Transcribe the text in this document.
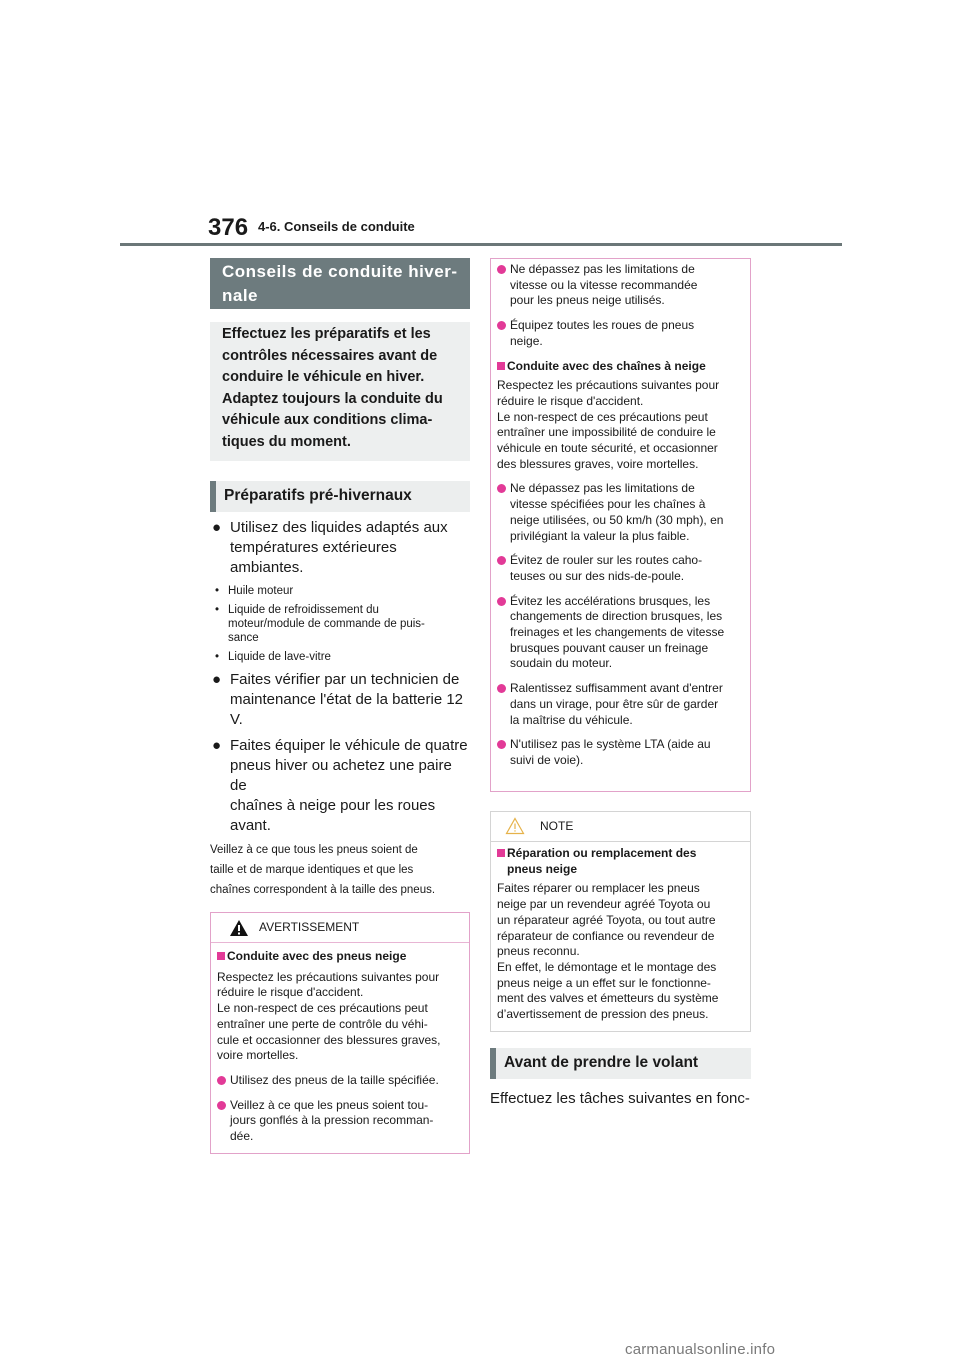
376 4-6. Conseils de conduite
Conseils de conduite hiver-
nale
Effectuez les préparatifs et les
contrôles nécessaires avant de
conduire le véhicule en hiver.
Adaptez toujours la conduite du
véhicule aux conditions clima-
tiques du moment.
Préparatifs pré-hivernaux
● Utilisez des liquides adaptés aux
températures extérieures ambiantes.
• Huile moteur
• Liquide de refroidissement du
moteur/module de commande de puis-
sance
• Liquide de lave-vitre
● Faites vérifier par un technicien de
maintenance l'état de la batterie 12
V.
● Faites équiper le véhicule de quatre
pneus hiver ou achetez une paire de
chaînes à neige pour les roues
avant.
Veillez à ce que tous les pneus soient de
taille et de marque identiques et que les
chaînes correspondent à la taille des pneus.
AVERTISSEMENT
Conduite avec des pneus neige
Respectez les précautions suivantes pour
réduire le risque d'accident.
Le non-respect de ces précautions peut
entraîner une perte de contrôle du véhi-
cule et occasionner des blessures graves,
voire mortelles.
Utilisez des pneus de la taille spécifiée.
Veillez à ce que les pneus soient tou-
jours gonflés à la pression recomman-
dée.
Ne dépassez pas les limitations de
vitesse ou la vitesse recommandée
pour les pneus neige utilisés.
Équipez toutes les roues de pneus
neige.
Conduite avec des chaînes à neige
Respectez les précautions suivantes pour
réduire le risque d'accident.
Le non-respect de ces précautions peut
entraîner une impossibilité de conduire le
véhicule en toute sécurité, et occasionner
des blessures graves, voire mortelles.
Ne dépassez pas les limitations de
vitesse spécifiées pour les chaînes à
neige utilisées, ou 50 km/h (30 mph), en
privilégiant la valeur la plus faible.
Évitez de rouler sur les routes caho-
teuses ou sur des nids-de-poule.
Évitez les accélérations brusques, les
changements de direction brusques, les
freinages et les changements de vitesse
brusques pouvant causer un freinage
soudain du moteur.
Ralentissez suffisamment avant d'entrer
dans un virage, pour être sûr de garder
la maîtrise du véhicule.
N'utilisez pas le système LTA (aide au
suivi de voie).
NOTE
Réparation ou remplacement des
pneus neige
Faites réparer ou remplacer les pneus
neige par un revendeur agréé Toyota ou
un réparateur agréé Toyota, ou tout autre
réparateur de confiance ou revendeur de
pneus reconnu.
En effet, le démontage et le montage des
pneus neige a un effet sur le fonctionne-
ment des valves et émetteurs du système
d’avertissement de pression des pneus.
Avant de prendre le volant
Effectuez les tâches suivantes en fonc-
carmanualsonline.info
